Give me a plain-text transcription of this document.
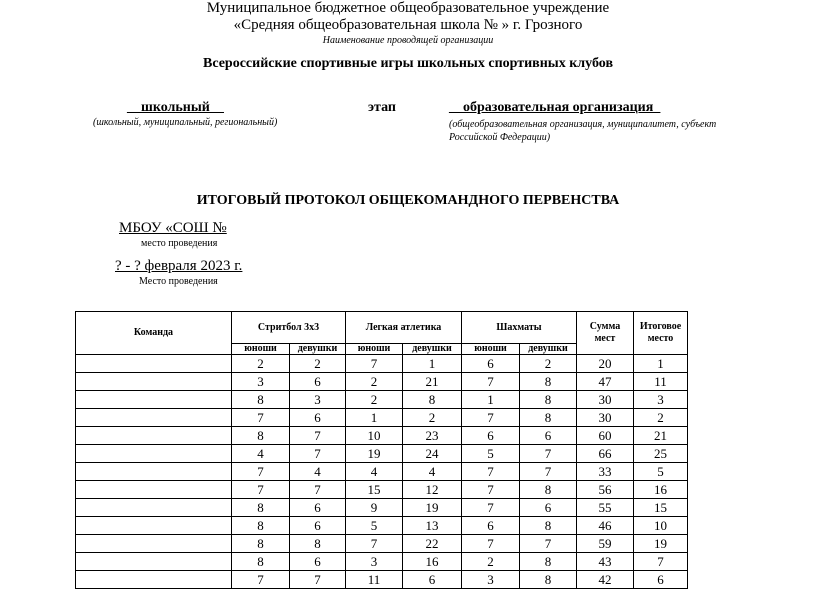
Муниципальное бюджетное общеобразовательное учреждение
«Средняя общеобразовательная школа № » г. Грозного
Наименование проводящей организации
Всероссийские спортивные игры школьных спортивных клубов
__школьный__
(школьный, муниципальный, региональный)
этап	__образовательная организация_
(общеобразовательная организация, муниципалитет, субъект Российской Федерации)
ИТОГОВЫЙ ПРОТОКОЛ ОБЩЕКОМАНДНОГО ПЕРВЕНСТВА
МБОУ «СОШ №
место проведения
? - ? февраля 2023 г.
Место проведения
Команда	Стритбол 3х3		Легкая атлетика		Шахматы		Сумма мест	Итоговое место
	юноши	девушки	юноши	девушки	юноши	девушки		
	2	2	7	1	6	2	20	1
	3	6	2	21	7	8	47	11
	8	3	2	8	1	8	30	3
	7	6	1	2	7	8	30	2
	8	7	10	23	6	6	60	21
	4	7	19	24	5	7	66	25
	7	4	4	4	7	7	33	5
	7	7	15	12	7	8	56	16
	8	6	9	19	7	6	55	15
	8	6	5	13	6	8	46	10
	8	8	7	22	7	7	59	19
	8	6	3	16	2	8	43	7
	7	7	11	6	3	8	42	6
